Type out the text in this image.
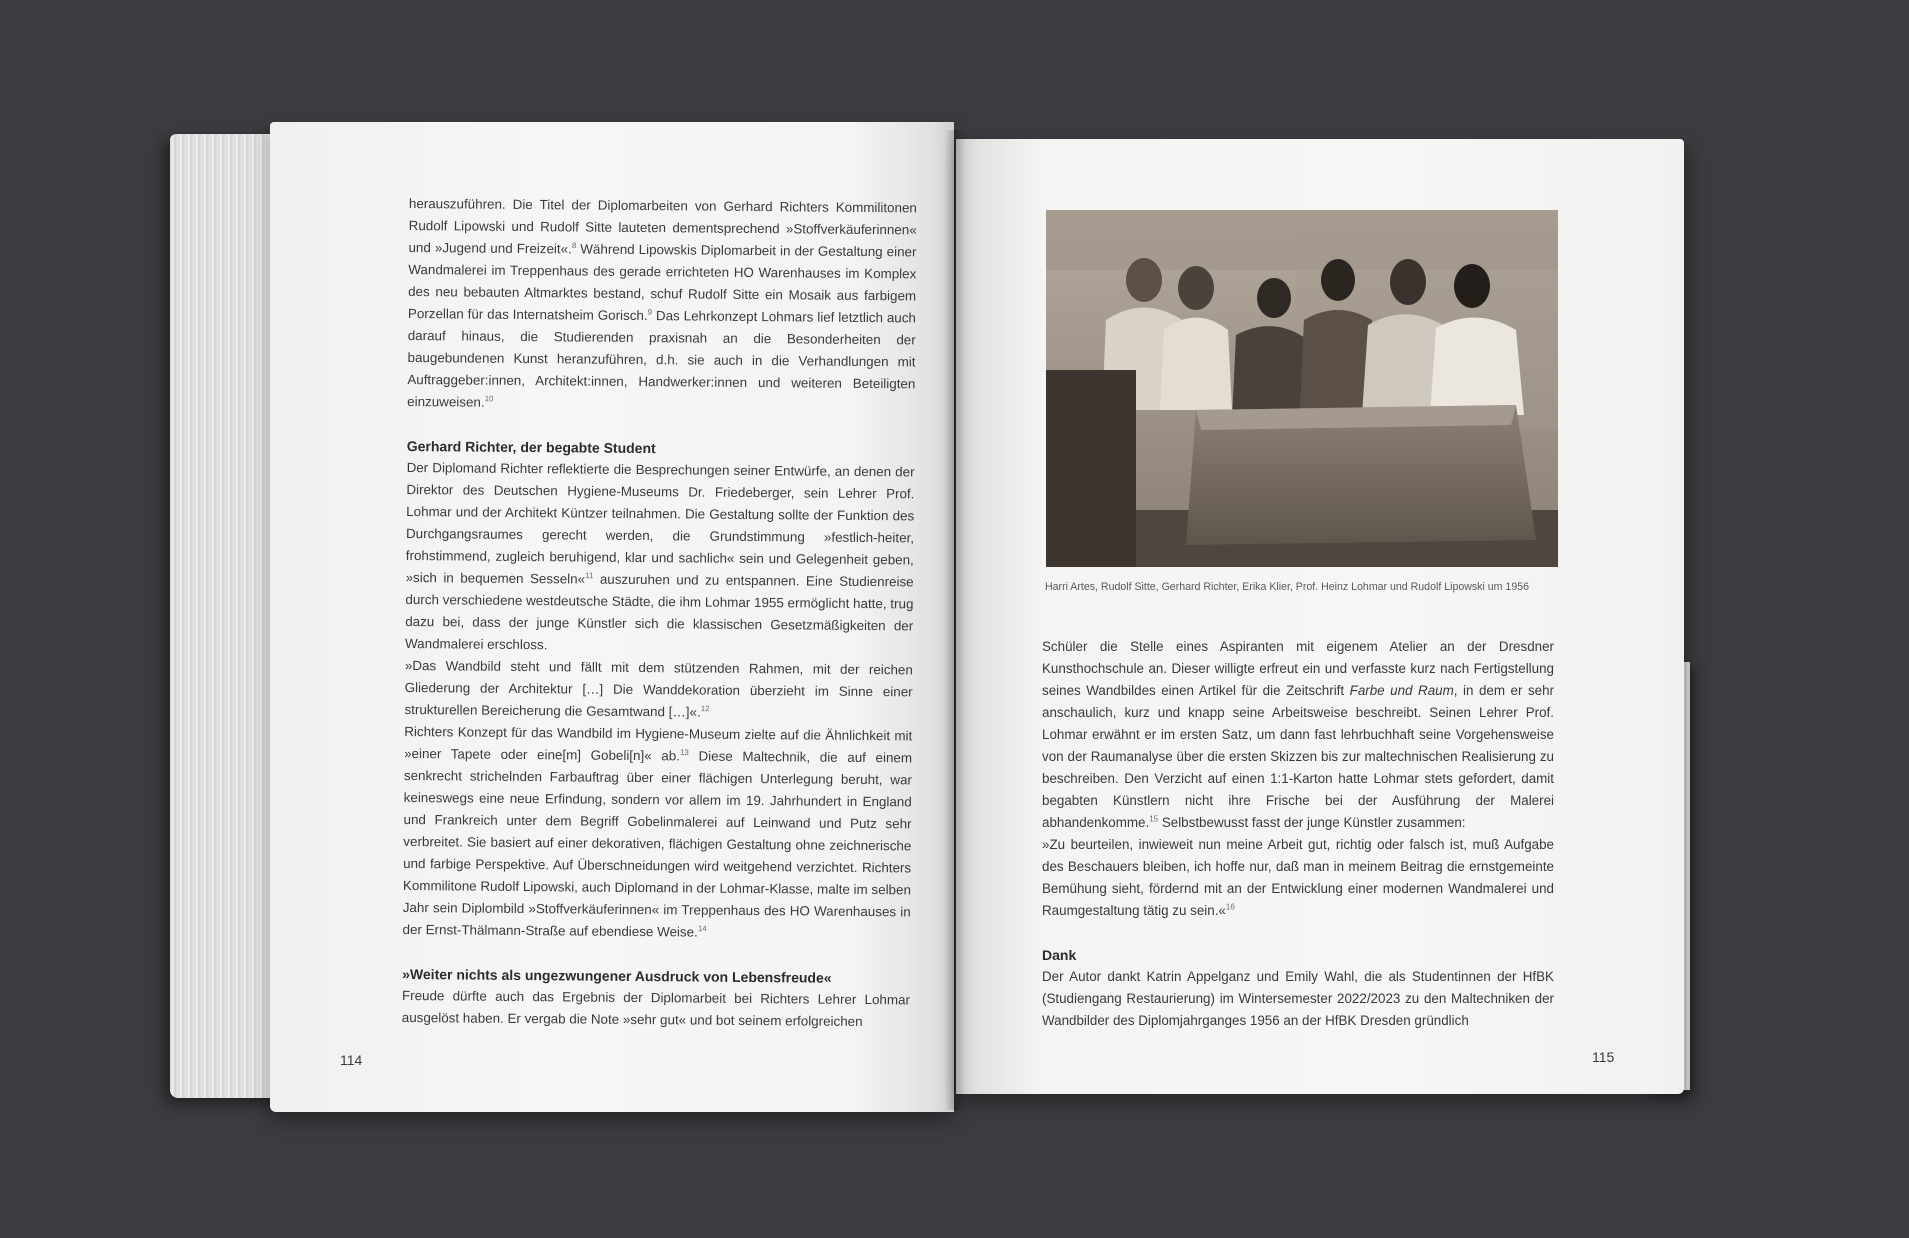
herauszuführen. Die Titel der Diplomarbeiten von Gerhard Richters Kommilitonen Rudolf Lipowski und Rudolf Sitte lauteten dementsprechend »Stoffverkäuferinnen« und »Jugend und Freizeit«.$^8$ Während Lipowskis Diplomarbeit in der Gestaltung einer Wandmalerei im Treppenhaus des gerade errichteten HO Warenhauses im Komplex des neu bebauten Altmarktes bestand, schuf Rudolf Sitte ein Mosaik aus farbigem Porzellan für das Internatsheim Gorisch.$^9$ Das Lehrkonzept Lohmars lief letztlich auch darauf hinaus, die Studierenden praxisnah an die Besonderheiten der baugebundenen Kunst heranzuführen, d.h. sie auch in die Verhandlungen mit Auftraggeber:innen, Architekt:innen, Handwerker:innen und weiteren Beteiligten einzuweisen.$^{10}$

Gerhard Richter, der begabte Student

Der Diplomand Richter reflektierte die Besprechungen seiner Entwürfe, an denen der Direktor des Deutschen Hygiene-Museums Dr. Friedeberger, sein Lehrer Prof. Lohmar und der Architekt Küntzer teilnahmen. Die Gestaltung sollte der Funktion des Durchgangsraumes gerecht werden, die Grundstimmung »festlich-heiter, frohstimmend, zugleich beruhigend, klar und sachlich« sein und Gelegenheit geben, »sich in bequemen Sesseln«$^{11}$ auszuruhen und zu entspannen. Eine Studienreise durch verschiedene westdeutsche Städte, die ihm Lohmar 1955 ermöglicht hatte, trug dazu bei, dass der junge Künstler sich die klassischen Gesetzmäßigkeiten der Wandmalerei erschloss.

»Das Wandbild steht und fällt mit dem stützenden Rahmen, mit der reichen Gliederung der Architektur […] Die Wanddekoration überzieht im Sinne einer strukturellen Bereicherung die Gesamtwand […]«.$^{12}$

Richters Konzept für das Wandbild im Hygiene-Museum zielte auf die Ähnlichkeit mit »einer Tapete oder eine[m] Gobeli[n]« ab.$^{13}$ Diese Maltechnik, die auf einem senkrecht strichelnden Farbauftrag über einer flächigen Unterlegung beruht, war keineswegs eine neue Erfindung, sondern vor allem im 19. Jahrhundert in England und Frankreich unter dem Begriff Gobelinmalerei auf Leinwand und Putz sehr verbreitet. Sie basiert auf einer dekorativen, flächigen Gestaltung ohne zeichnerische und farbige Perspektive. Auf Überschneidungen wird weitgehend verzichtet. Richters Kommilitone Rudolf Lipowski, auch Diplomand in der Lohmar-Klasse, malte im selben Jahr sein Diplombild »Stoffverkäuferinnen« im Treppenhaus des HO Warenhauses in der Ernst-Thälmann-Straße auf ebendiese Weise.$^{14}$

»Weiter nichts als ungezwungener Ausdruck von Lebensfreude«

Freude dürfte auch das Ergebnis der Diplomarbeit bei Richters Lehrer Lohmar ausgelöst haben. Er vergab die Note »sehr gut« und bot seinem erfolgreichen

114
Harri Artes, Rudolf Sitte, Gerhard Richter, Erika Klier, Prof. Heinz Lohmar und Rudolf Lipowski um 1956

Schüler die Stelle eines Aspiranten mit eigenem Atelier an der Dresdner Kunsthochschule an. Dieser willigte erfreut ein und verfasste kurz nach Fertigstellung seines Wandbildes einen Artikel für die Zeitschrift Farbe und Raum, in dem er sehr anschaulich, kurz und knapp seine Arbeitsweise beschreibt. Seinen Lehrer Prof. Lohmar erwähnt er im ersten Satz, um dann fast lehrbuchhaft seine Vorgehensweise von der Raumanalyse über die ersten Skizzen bis zur maltechnischen Realisierung zu beschreiben. Den Verzicht auf einen 1:1-Karton hatte Lohmar stets gefordert, damit begabten Künstlern nicht ihre Frische bei der Ausführung der Malerei abhandenkomme.$^{15}$ Selbstbewusst fasst der junge Künstler zusammen:

»Zu beurteilen, inwieweit nun meine Arbeit gut, richtig oder falsch ist, muß Aufgabe des Beschauers bleiben, ich hoffe nur, daß man in meinem Beitrag die ernstgemeinte Bemühung sieht, fördernd mit an der Entwicklung einer modernen Wandmalerei und Raumgestaltung tätig zu sein.«$^{16}$

Dank

Der Autor dankt Katrin Appelganz und Emily Wahl, die als Studentinnen der HfBK (Studiengang Restaurierung) im Wintersemester 2022/2023 zu den Maltechniken der Wandbilder des Diplomjahrganges 1956 an der HfBK Dresden gründlich

115
